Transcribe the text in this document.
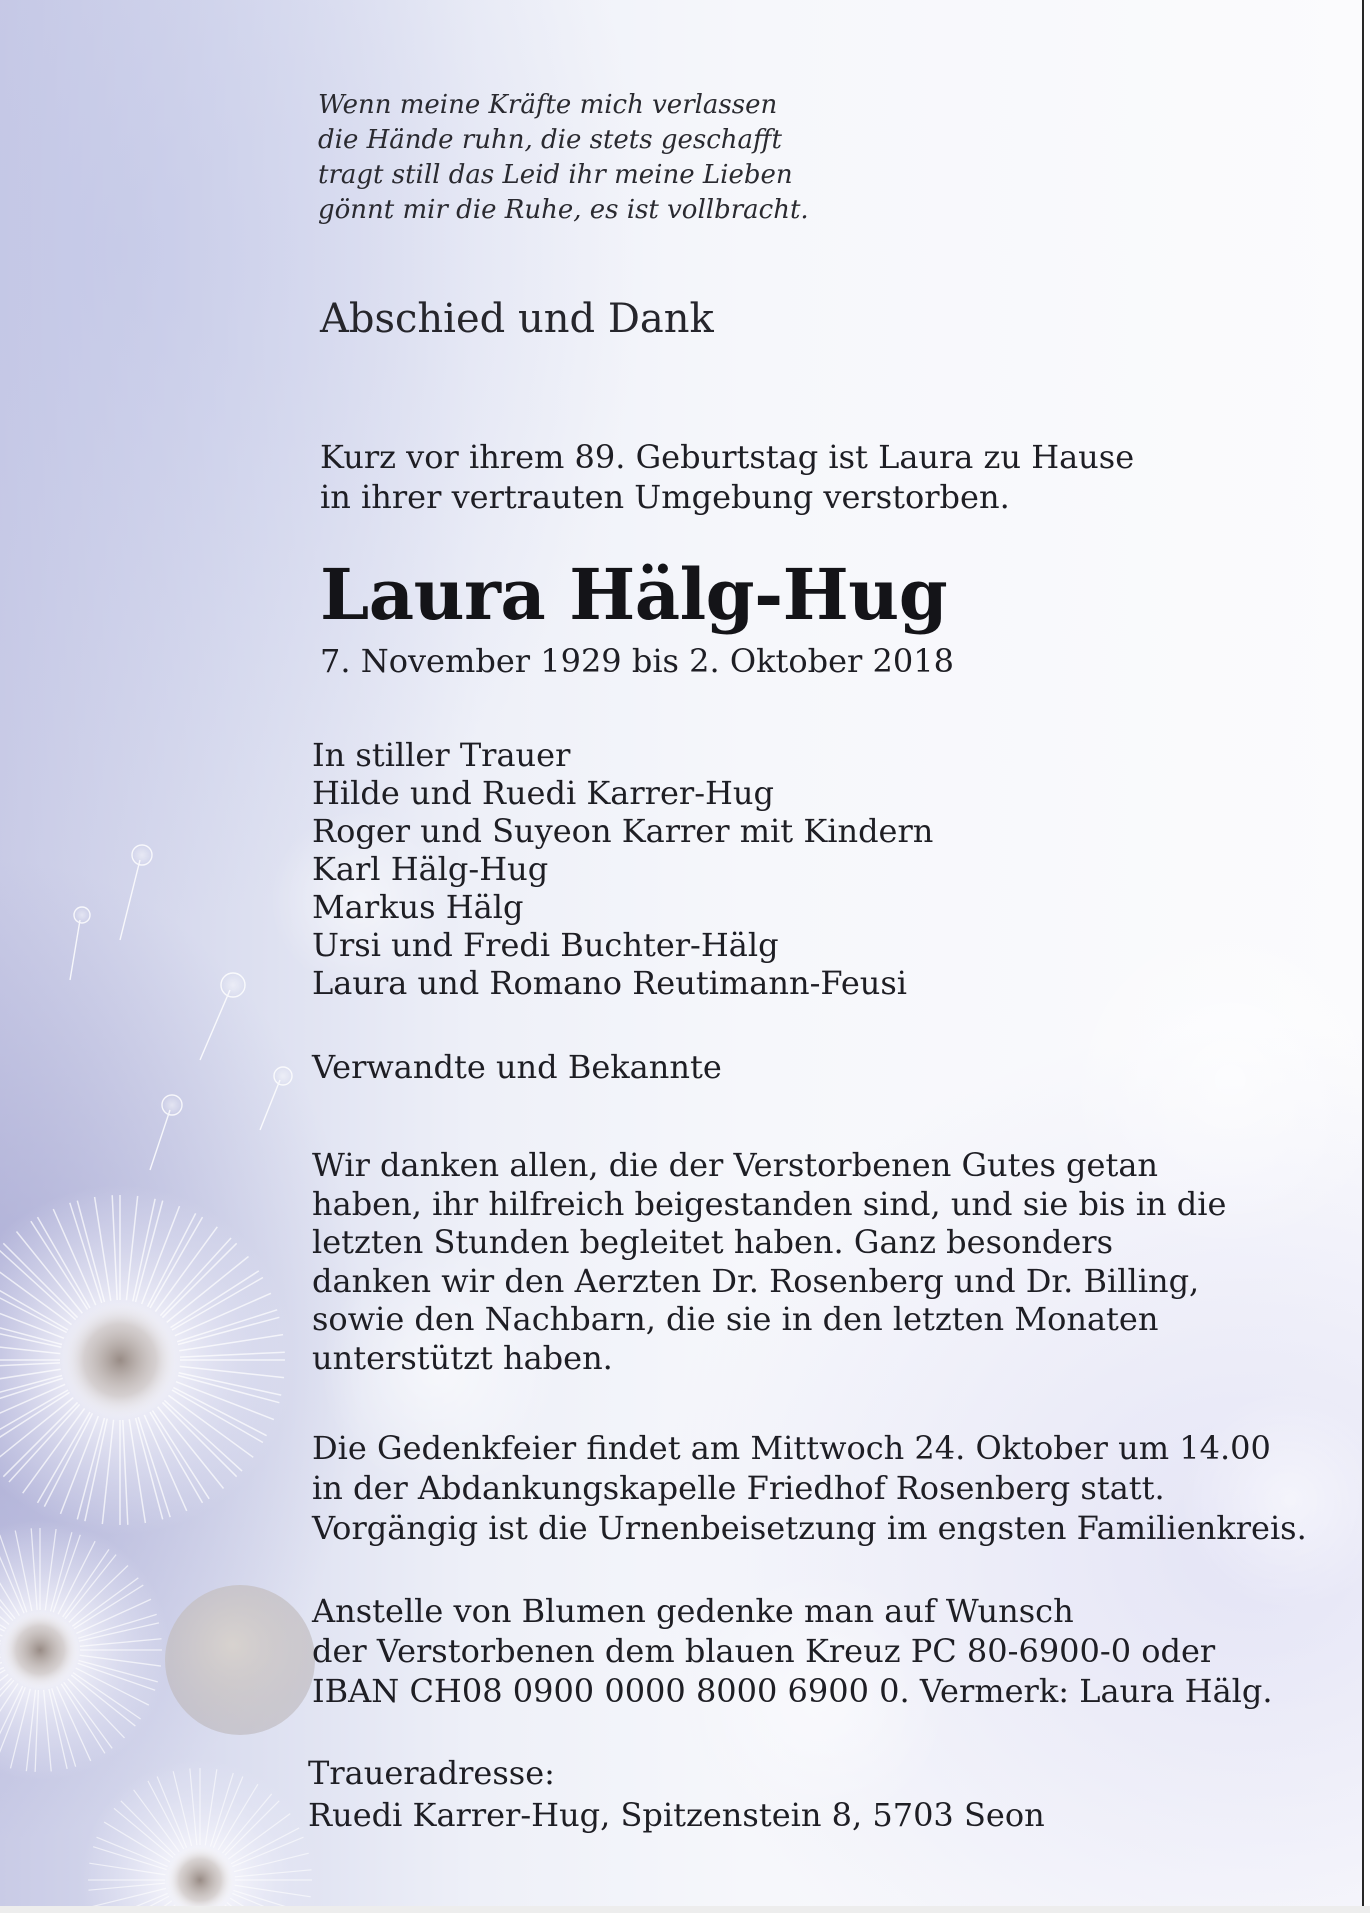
Wenn meine Kräfte mich verlassen
die Hände ruhn, die stets geschafft
tragt still das Leid ihr meine Lieben
gönnt mir die Ruhe, es ist vollbracht.
Abschied und Dank
Kurz vor ihrem 89. Geburtstag ist Laura zu Hause
in ihrer vertrauten Umgebung verstorben.
Laura Hälg-Hug
7. November 1929 bis 2. Oktober 2018
In stiller Trauer
Hilde und Ruedi Karrer-Hug
Roger und Suyeon Karrer mit Kindern
Karl Hälg-Hug
Markus Hälg
Ursi und Fredi Buchter-Hälg
Laura und Romano Reutimann-Feusi
Verwandte und Bekannte
Wir danken allen, die der Verstorbenen Gutes getan
haben, ihr hilfreich beigestanden sind, und sie bis in die
letzten Stunden begleitet haben. Ganz besonders
danken wir den Aerzten Dr. Rosenberg und Dr. Billing,
sowie den Nachbarn, die sie in den letzten Monaten
unterstützt haben.
Die Gedenkfeier findet am Mittwoch 24. Oktober um 14.00
in der Abdankungskapelle Friedhof Rosenberg statt.
Vorgängig ist die Urnenbeisetzung im engsten Familienkreis.
Anstelle von Blumen gedenke man auf Wunsch
der Verstorbenen dem blauen Kreuz PC 80-6900-0 oder
IBAN CH08 0900 0000 8000 6900 0. Vermerk: Laura Hälg.
Traueradresse:
Ruedi Karrer-Hug, Spitzenstein 8, 5703 Seon
